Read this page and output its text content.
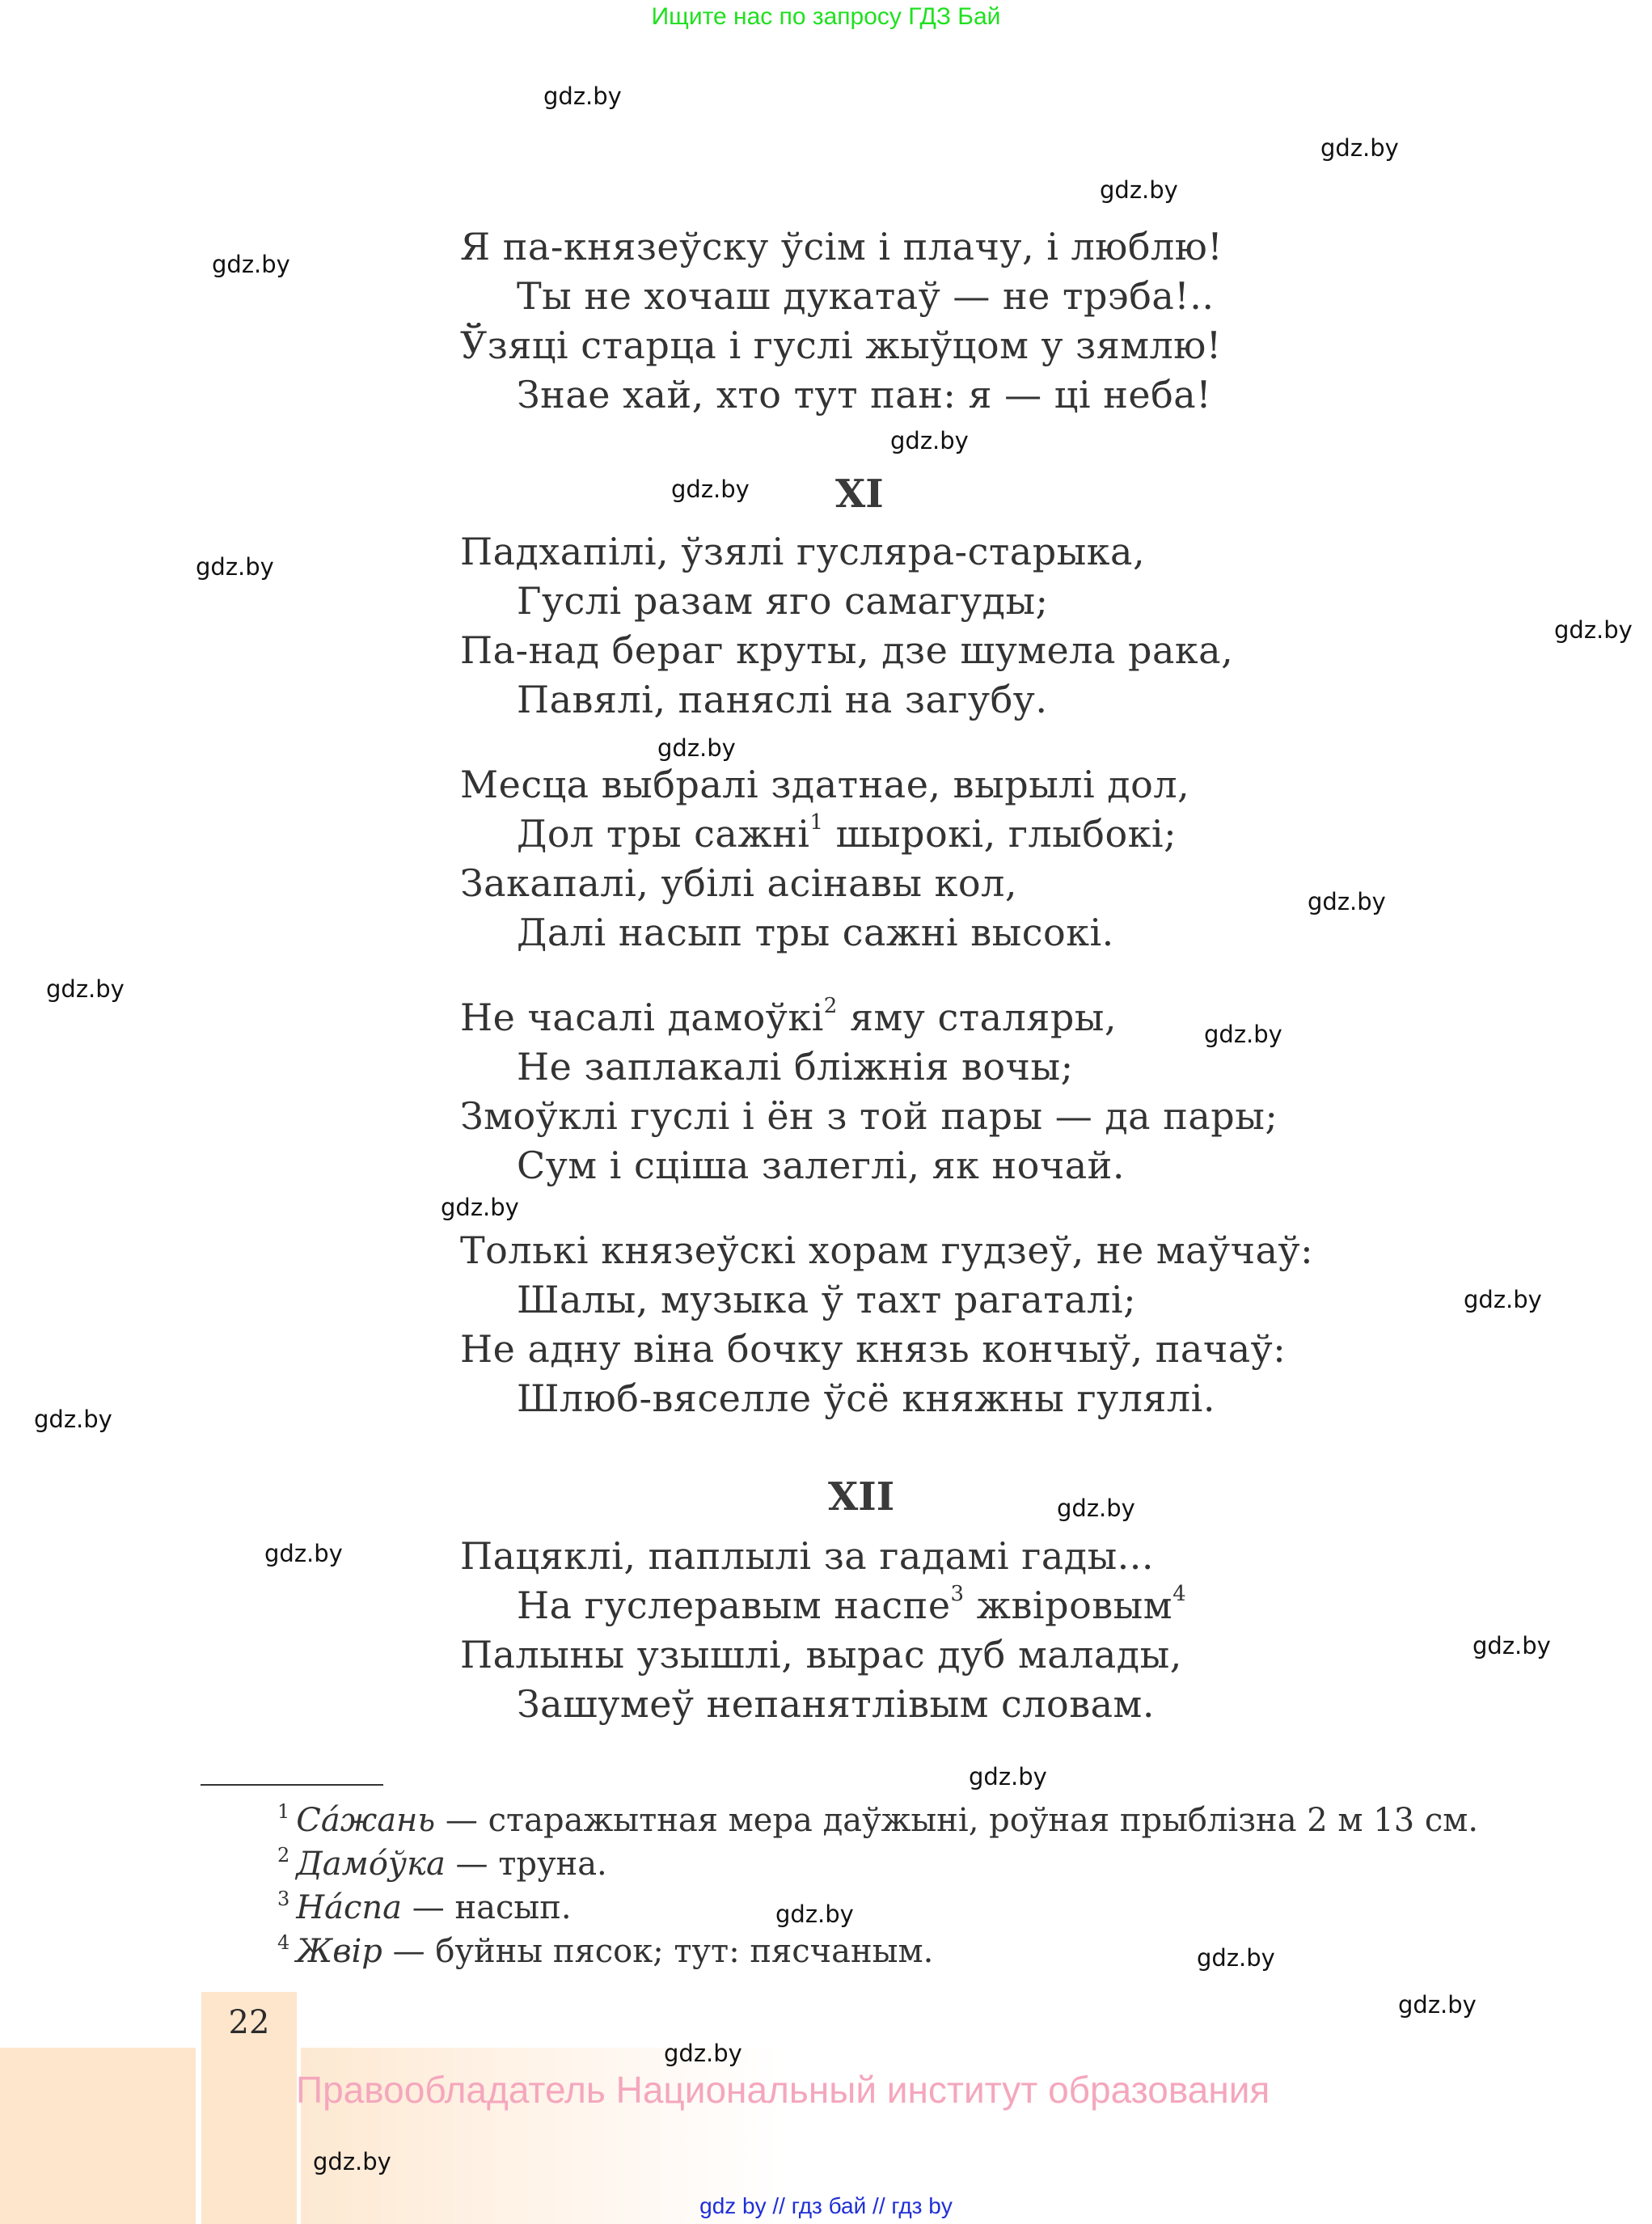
Ищите нас по запросу ГДЗ Бай
gdz.by
gdz.by
gdz.by
gdz.by
gdz.by
gdz.by
gdz.by
gdz.by
gdz.by
gdz.by
gdz.by
gdz.by
gdz.by
gdz.by
gdz.by
gdz.by
gdz.by
gdz.by
gdz.by
gdz.by
gdz.by
gdz.by
Я па-князеўску ўсім і плачу, і люблю!
Ты не хочаш дукатаў — не трэба!..
Ўзяці старца і гуслі жыўцом у зямлю!
Знае хай, хто тут пан: я — ці неба!
XI
Падхапілі, ўзялі гусляра-старыка,
Гуслі разам яго самагуды;
Па-над бераг круты, дзе шумела рака,
Павялі, паняслі на загубу.
Месца выбралі здатнае, вырылі дол,
Дол тры сажні$^1$ шырокі, глыбокі;
Закапалі, убілі асінавы кол,
Далі насып тры сажні высокі.
Не часалі дамоўкі$^2$ яму сталяры,
Не заплакалі бліжнія вочы;
Змоўклі гуслі і ён з той пары — да пары;
Сум і сціша залеглі, як ночай.
Толькі князеўскі хорам гудзеў, не маўчаў:
Шалы, музыка ў тахт рагаталі;
Не адну віна бочку князь кончыў, пачаў:
Шлюб-вяселле ўсё княжны гулялі.
XII
Пацяклі, паплылі за гадамі гады...
На гуслеравым наспе$^3$ жвіровым$^4$
Палыны узышлі, вырас дуб малады,
Зашумеў непанятлівым словам.
$^1$ Са́жань — старажытная мера даўжыні, роўная прыблізна 2 м 13 см.
$^2$ Дамо́ўка — труна.
$^3$ На́спа — насып.
$^4$ Жвір — буйны пясок; тут: пясчаным.
22
Правообладатель Национальный институт образования
gdz.by
gdz.by
gdz by // гдз бай // гдз by
